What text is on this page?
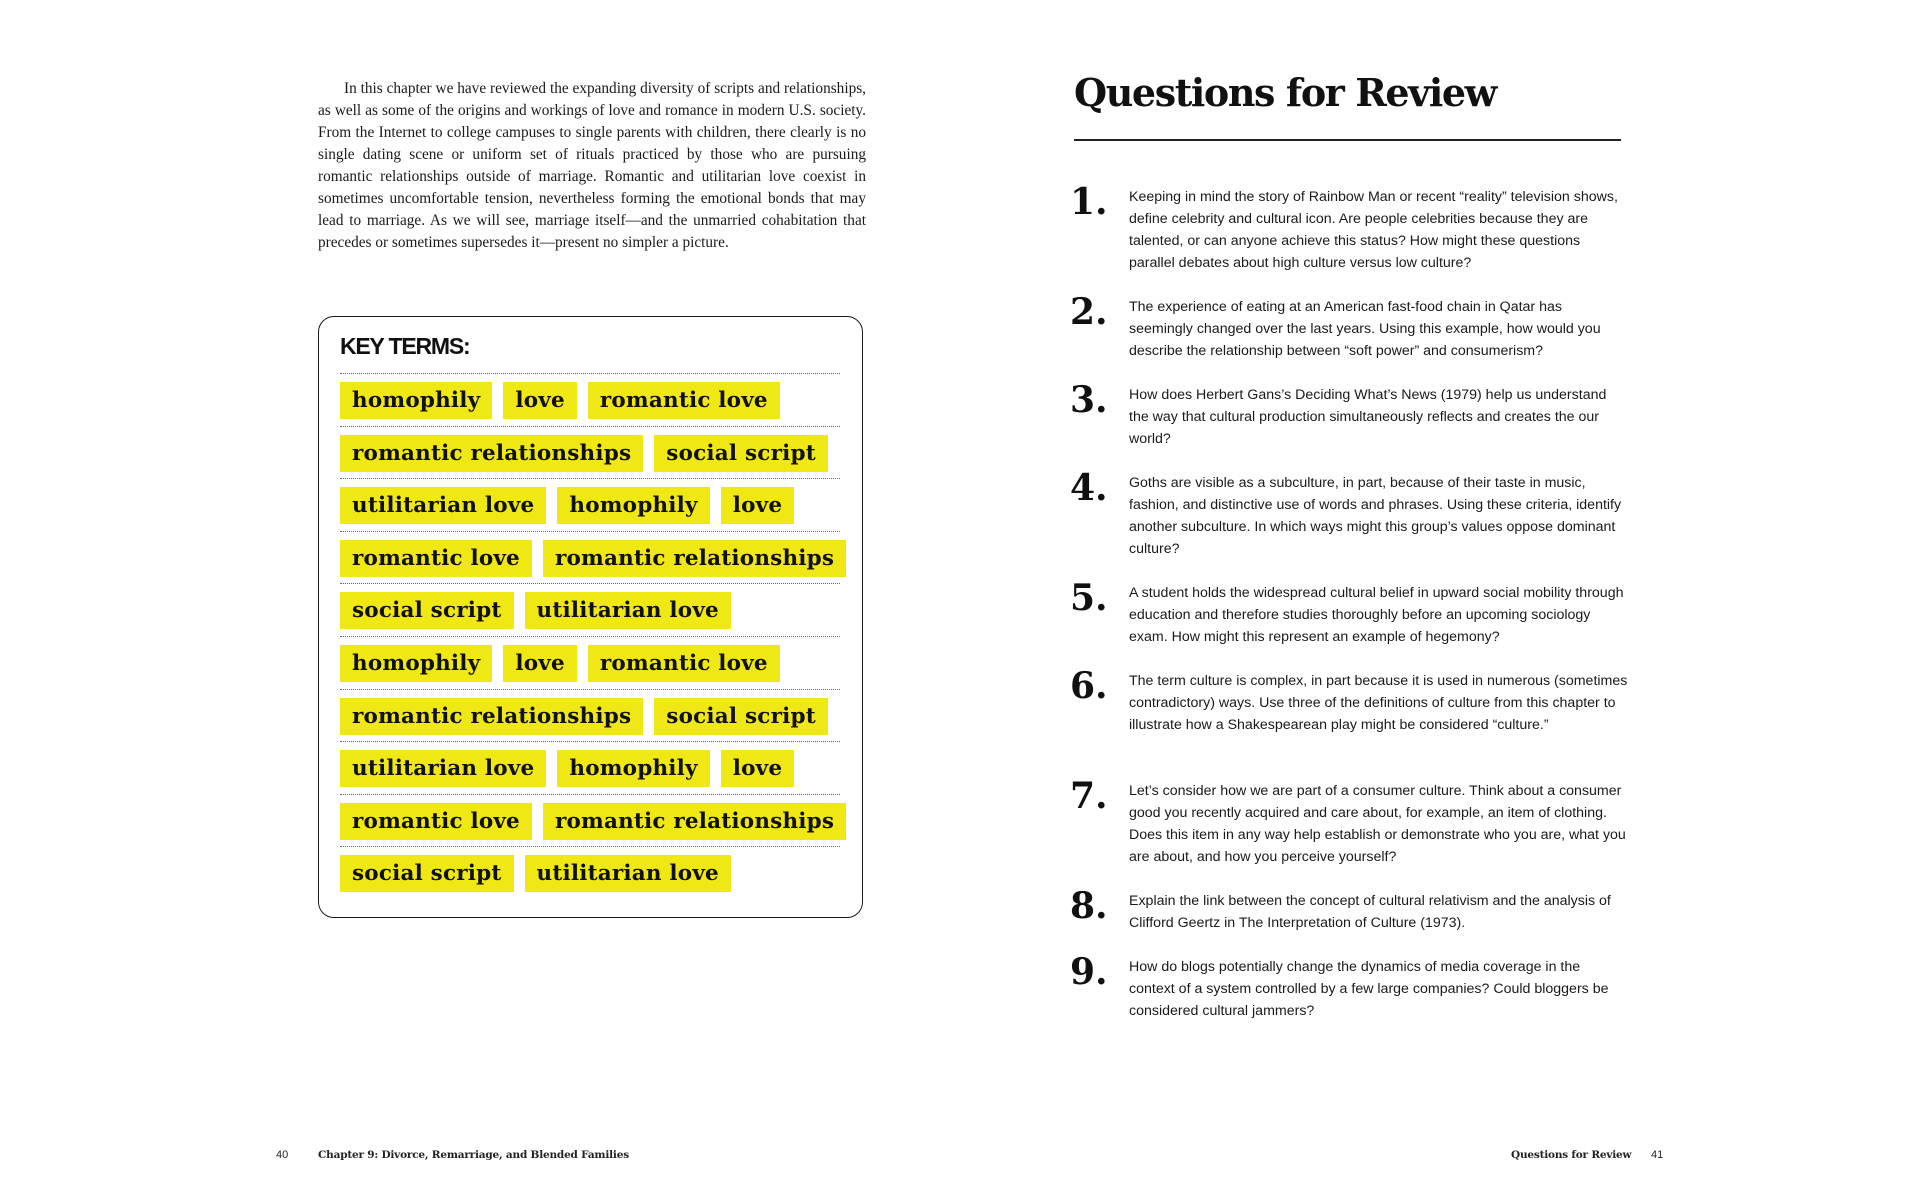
In this chapter we have reviewed the expanding diversity of scripts and relationships, as well as some of the origins and workings of love and romance in modern U.S. society. From the Internet to college campuses to single parents with children, there clearly is no single dating scene or uniform set of rituals practiced by those who are pursuing romantic relationships outside of marriage. Romantic and utilitarian love coexist in sometimes uncomfortable tension, nevertheless forming the emotional bonds that may lead to marriage. As we will see, marriage itself—and the unmarried cohabitation that precedes or sometimes supersedes it—present no simpler a picture.

KEY TERMS:
homophily	love	romantic love
romantic relationships	social script
utilitarian love	homophily	love
romantic love	romantic relationships
social script	utilitarian love
homophily	love	romantic love
romantic relationships	social script
utilitarian love	homophily	love
romantic love	romantic relationships
social script	utilitarian love
40	Chapter 9: Divorce, Remarriage, and Blended Families
Questions for Review
1. Keeping in mind the story of Rainbow Man or recent “reality” television shows, define celebrity and cultural icon. Are people celebrities because they are talented, or can anyone achieve this status? How might these questions parallel debates about high culture versus low culture?

2. The experience of eating at an American fast-food chain in Qatar has seemingly changed over the last years. Using this example, how would you describe the relationship between “soft power” and consumerism?

3. How does Herbert Gans’s Deciding What’s News (1979) help us understand the way that cultural production simultaneously reflects and creates the our world?

4. Goths are visible as a subculture, in part, because of their taste in music, fashion, and distinctive use of words and phrases. Using these criteria, identify another subculture. In which ways might this group’s values oppose dominant culture?

5. A student holds the widespread cultural belief in upward social mobility through education and therefore studies thoroughly before an upcoming sociology exam. How might this represent an example of hegemony?

6. The term culture is complex, in part because it is used in numerous (sometimes contradictory) ways. Use three of the definitions of culture from this chapter to illustrate how a Shakespearean play might be considered “culture.”

7. Let’s consider how we are part of a consumer culture. Think about a consumer good you recently acquired and care about, for example, an item of clothing. Does this item in any way help establish or demonstrate who you are, what you are about, and how you perceive yourself?

8. Explain the link between the concept of cultural relativism and the analysis of Clifford Geertz in The Interpretation of Culture (1973).

9. How do blogs potentially change the dynamics of media coverage in the context of a system controlled by a few large companies? Could bloggers be considered cultural jammers?

Questions for Review 41
